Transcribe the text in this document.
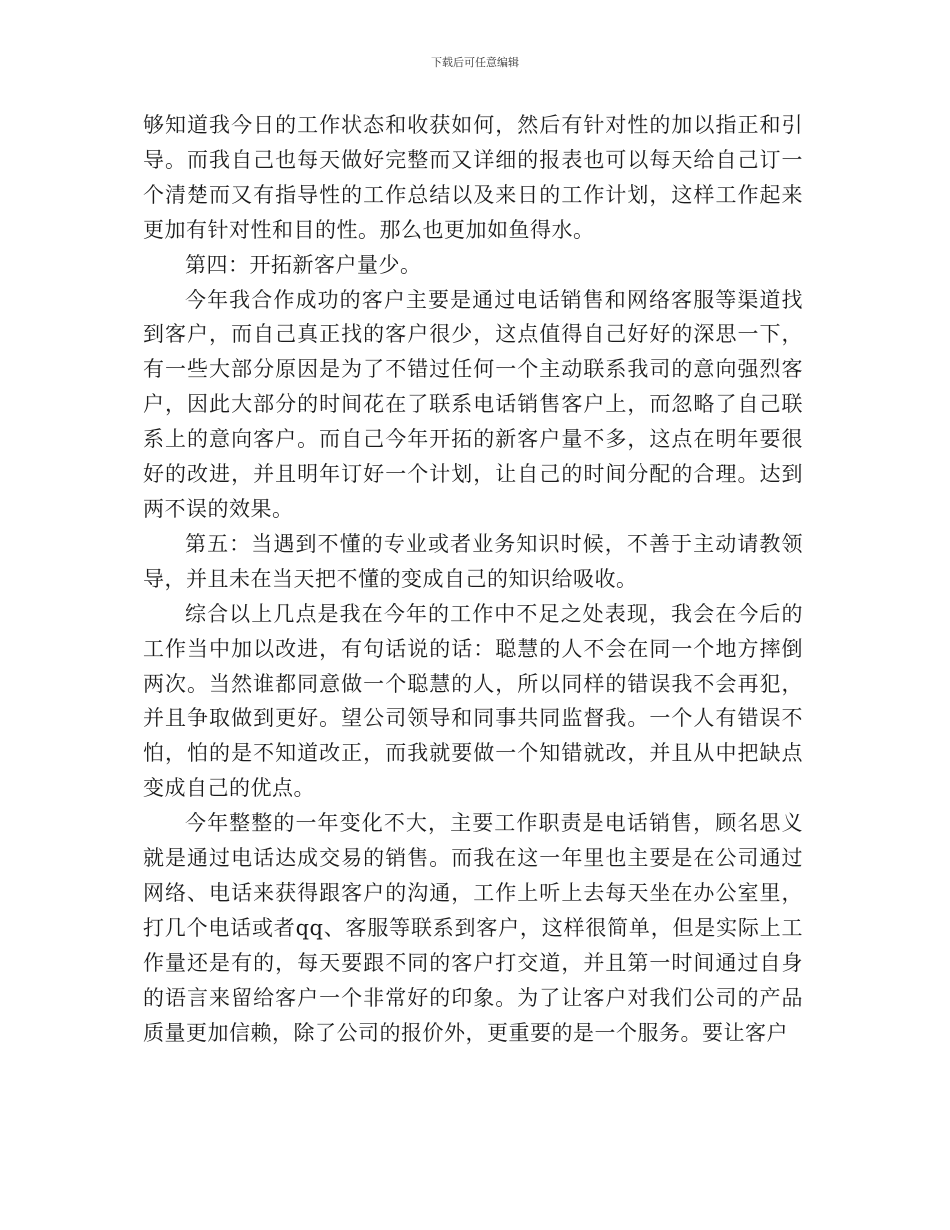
下载后可任意编辑

够知道我今日的工作状态和收获如何，然后有针对性的加以指正和引导。而我自己也每天做好完整而又详细的报表也可以每天给自己订一个清楚而又有指导性的工作总结以及来日的工作计划，这样工作起来更加有针对性和目的性。那么也更加如鱼得水。

第四：开拓新客户量少。

今年我合作成功的客户主要是通过电话销售和网络客服等渠道找到客户，而自己真正找的客户很少，这点值得自己好好的深思一下，有一些大部分原因是为了不错过任何一个主动联系我司的意向强烈客户，因此大部分的时间花在了联系电话销售客户上，而忽略了自己联系上的意向客户。而自己今年开拓的新客户量不多，这点在明年要很好的改进，并且明年订好一个计划，让自己的时间分配的合理。达到两不误的效果。

第五：当遇到不懂的专业或者业务知识时候，不善于主动请教领导，并且未在当天把不懂的变成自己的知识给吸收。

综合以上几点是我在今年的工作中不足之处表现，我会在今后的工作当中加以改进，有句话说的话：聪慧的人不会在同一个地方摔倒两次。当然谁都同意做一个聪慧的人，所以同样的错误我不会再犯，并且争取做到更好。望公司领导和同事共同监督我。一个人有错误不怕，怕的是不知道改正，而我就要做一个知错就改，并且从中把缺点变成自己的优点。

今年整整的一年变化不大，主要工作职责是电话销售，顾名思义就是通过电话达成交易的销售。而我在这一年里也主要是在公司通过网络、电话来获得跟客户的沟通，工作上听上去每天坐在办公室里，打几个电话或者qq、客服等联系到客户，这样很简单，但是实际上工作量还是有的，每天要跟不同的客户打交道，并且第一时间通过自身的语言来留给客户一个非常好的印象。为了让客户对我们公司的产品质量更加信赖，除了公司的报价外，更重要的是一个服务。要让客户
